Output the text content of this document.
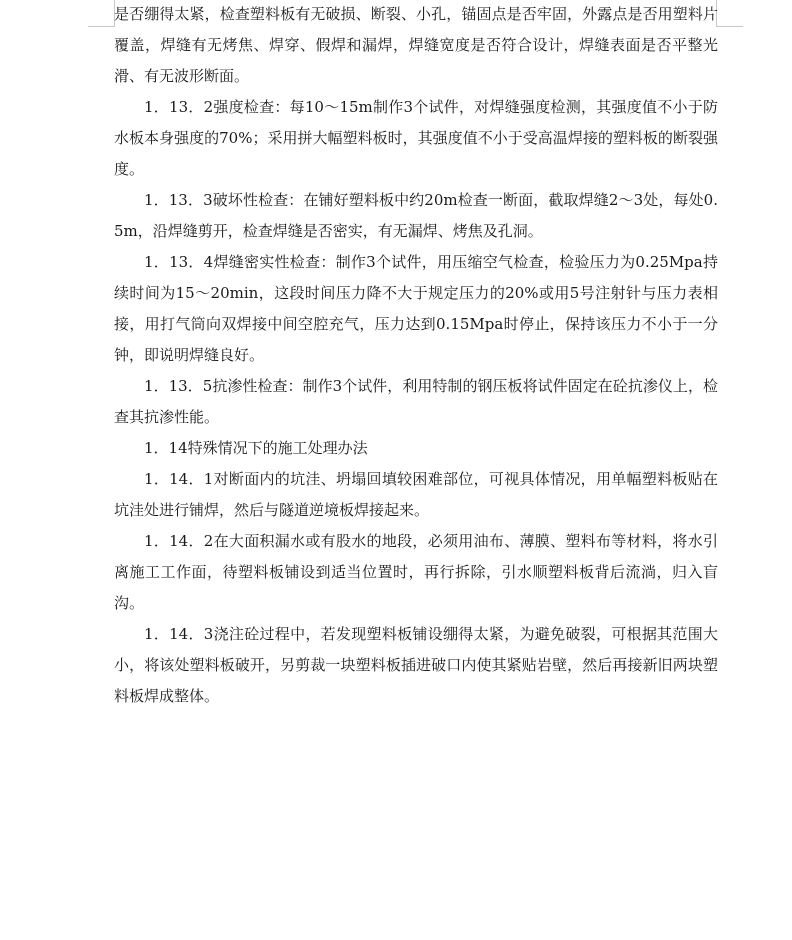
是否绷得太紧，检查塑料板有无破损、断裂、小孔，锚固点是否牢固，外露点是否用塑料片覆盖，焊缝有无烤焦、焊穿、假焊和漏焊，焊缝宽度是否符合设计，焊缝表面是否平整光滑、有无波形断面。

1．13．2强度检查：每10～15m制作3个试件，对焊缝强度检测，其强度值不小于防水板本身强度的70%；采用拼大幅塑料板时，其强度值不小于受高温焊接的塑料板的断裂强度。

1．13．3破坏性检查：在铺好塑料板中约20m检查一断面，截取焊缝2～3处，每处0.5m，沿焊缝剪开，检查焊缝是否密实，有无漏焊、烤焦及孔洞。

1．13．4焊缝密实性检查：制作3个试件，用压缩空气检查，检验压力为0.25Mpa持续时间为15～20min，这段时间压力降不大于规定压力的20%或用5号注射针与压力表相接，用打气筒向双焊接中间空腔充气，压力达到0.15Mpa时停止，保持该压力不小于一分钟，即说明焊缝良好。

1．13．5抗渗性检查：制作3个试件，利用特制的钢压板将试件固定在砼抗渗仪上，检查其抗渗性能。

1．14特殊情况下的施工处理办法

1．14．1对断面内的坑洼、坍塌回填较困难部位，可视具体情况，用单幅塑料板贴在坑洼处进行铺焊，然后与隧道逆境板焊接起来。

1．14．2在大面积漏水或有股水的地段，必须用油布、薄膜、塑料布等材料，将水引离施工工作面，待塑料板铺设到适当位置时，再行拆除，引水顺塑料板背后流淌，归入盲沟。

1．14．3浇注砼过程中，若发现塑料板铺设绷得太紧，为避免破裂，可根据其范围大小，将该处塑料板破开，另剪裁一块塑料板插进破口内使其紧贴岩壁，然后再接新旧两块塑料板焊成整体。
